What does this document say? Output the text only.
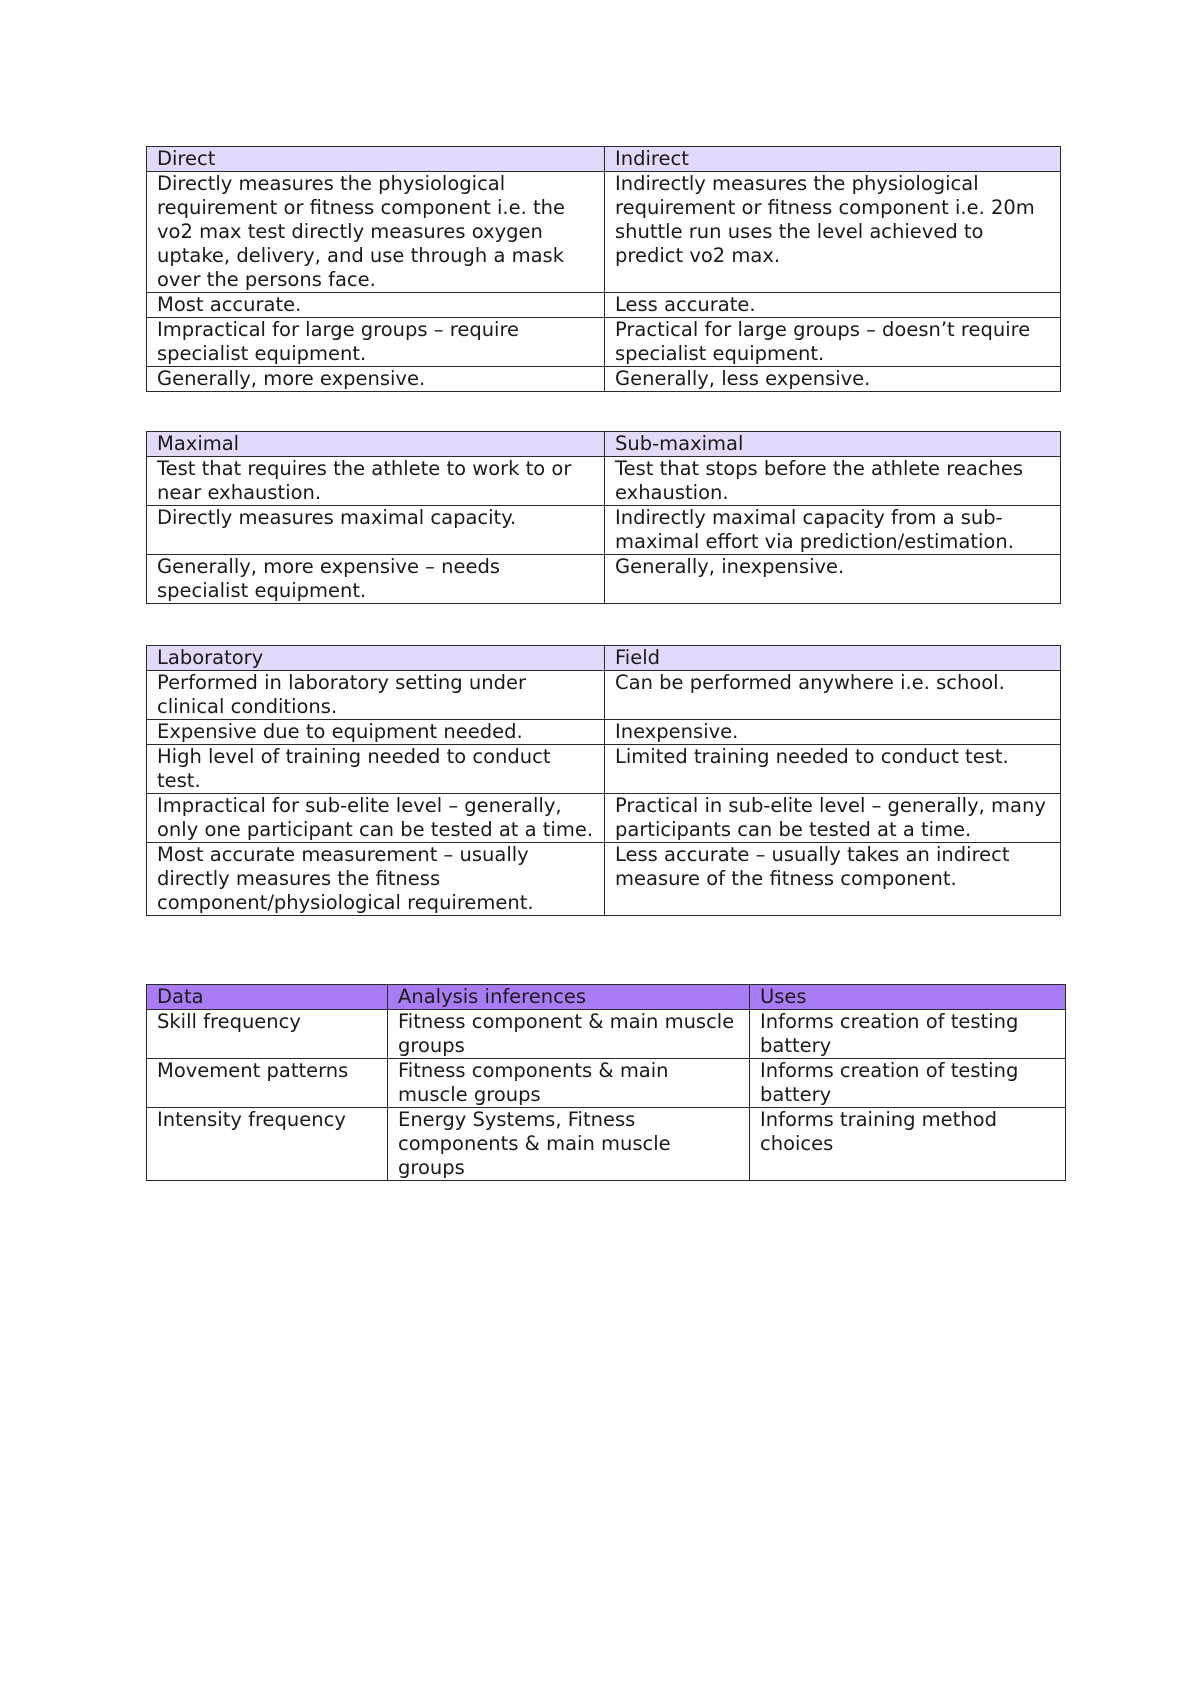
Direct	Indirect
Directly measures the physiological requirement or fitness component i.e. the vo2 max test directly measures oxygen uptake, delivery, and use through a mask over the persons face.	Indirectly measures the physiological requirement or fitness component i.e. 20m shuttle run uses the level achieved to predict vo2 max.
Most accurate.	Less accurate.
Impractical for large groups – require specialist equipment.	Practical for large groups – doesn’t require specialist equipment.
Generally, more expensive.	Generally, less expensive.
Maximal	Sub-maximal
Test that requires the athlete to work to or near exhaustion.	Test that stops before the athlete reaches exhaustion.
Directly measures maximal capacity.	Indirectly maximal capacity from a sub-maximal effort via prediction/estimation.
Generally, more expensive – needs specialist equipment.	Generally, inexpensive.
Laboratory	Field
Performed in laboratory setting under clinical conditions.	Can be performed anywhere i.e. school.
Expensive due to equipment needed.	Inexpensive.
High level of training needed to conduct test.	Limited training needed to conduct test.
Impractical for sub-elite level – generally, only one participant can be tested at a time.	Practical in sub-elite level – generally, many participants can be tested at a time.
Most accurate measurement – usually directly measures the fitness component/physiological requirement.	Less accurate – usually takes an indirect measure of the fitness component.
Data	Analysis inferences	Uses
Skill frequency	Fitness component & main muscle groups	Informs creation of testing battery
Movement patterns	Fitness components & main muscle groups	Informs creation of testing battery
Intensity frequency	Energy Systems, Fitness components & main muscle groups	Informs training method choices
